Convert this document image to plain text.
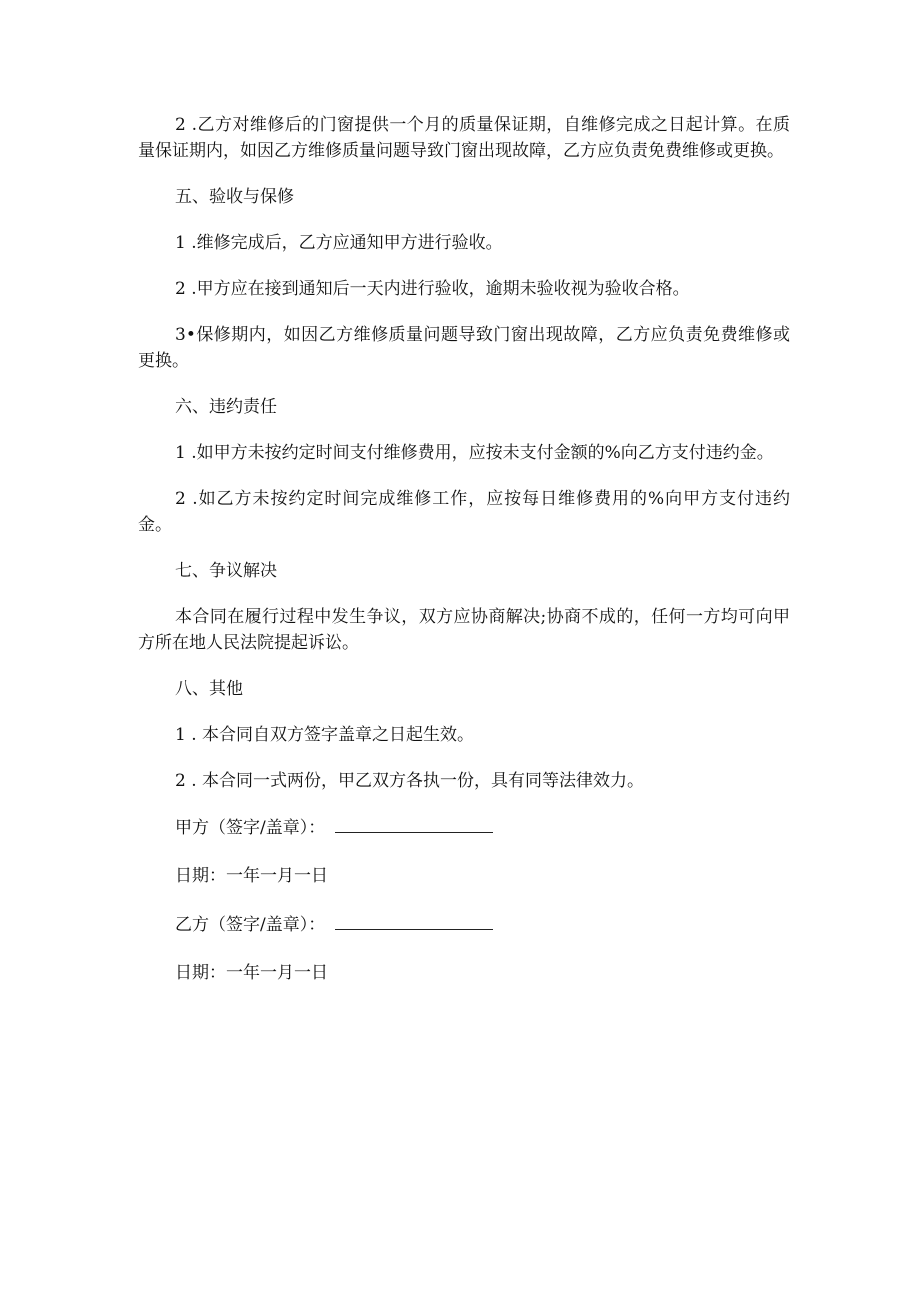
2 .乙方对维修后的门窗提供一个月的质量保证期，自维修完成之日起计算。在质量保证期内，如因乙方维修质量问题导致门窗出现故障，乙方应负责免费维修或更换。

五、验收与保修

1 .维修完成后，乙方应通知甲方进行验收。

2 .甲方应在接到通知后一天内进行验收，逾期未验收视为验收合格。

3•保修期内，如因乙方维修质量问题导致门窗出现故障，乙方应负责免费维修或更换。

六、违约责任

1 .如甲方未按约定时间支付维修费用，应按未支付金额的%向乙方支付违约金。

2 .如乙方未按约定时间完成维修工作，应按每日维修费用的%向甲方支付违约金。

七、争议解决

本合同在履行过程中发生争议，双方应协商解决;协商不成的，任何一方均可向甲方所在地人民法院提起诉讼。

八、其他

1 . 本合同自双方签字盖章之日起生效。

2 . 本合同一式两份，甲乙双方各执一份，具有同等法律效力。

甲方（签字/盖章）：
日期：一年一月一日
乙方（签字/盖章）：
日期：一年一月一日
